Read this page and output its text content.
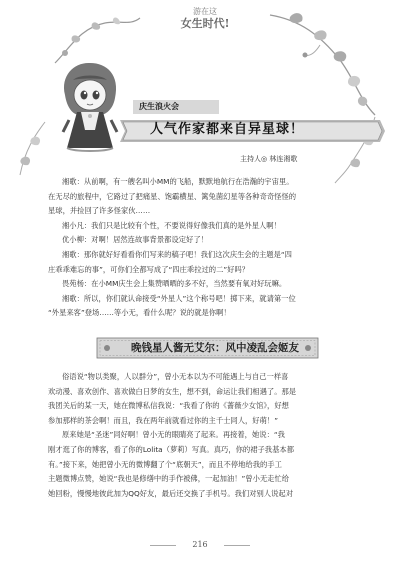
游在这
女生时代!
庆生浪火会
人气作家都来自异星球！
主持人◎ 林连湘歌
湘歌：从前啊，有一艘名叫小MM的飞船，默默地航行在浩瀚的宇宙里。
在无尽的旅程中，它路过了把痛星、饱霸横星、篱兔菌幻星等各种奇奇怪怪的
星球，并捡回了许多怪家伙……
湘小凡：我们只是比较有个性，不要说得好像我们真的是外星人啊！
优小柳：对啊！居然连故事背景都设定好了！
湘歌：那你就好好看看你们写来的稿子吧！我们这次庆生会的主题是“四
庄乖乖难忘的事”，可你们全都写成了“四庄乖拉过的二”好吗？
畏苑杨：在小MM庆生会上集赞晒晒的多不好，当然要有氧对好玩嘛。
湘歌：所以，你们就认命接受“外星人”这个称号吧！掷下来，就请第一位
“外星来客”登场……等小无，看什么呢？说的就是你啊！
晚钱星人酱无艾尔：风中凌乱会姬友
俗语说“物以类聚，人以群分”，曾小无本以为不可能遇上与自己一样喜
欢动漫、喜欢创作、喜欢做白日梦的女生，想不到，命运让我们相遇了。那是
我团关后的某一天，她在微博私信我说：“我看了你的《蔷薇少女馆》，好想
参加那样的茶会啊！而且，我在两年前就看过你的主千士同人，好萌！”
原来她是“圣迷”同好啊！曾小无的眼睛亮了起来。再接着，她说：“我
刚才逛了你的博客，看了你的Lolita（萝莉）写真。真巧，你的裙子我基本都
有。”接下来，她把曾小无的微博翻了个“底朝天”，而且不停地给我的手工
主题微博点赞，她说“我也是修缮中的手作被佛，一起加油！”曾小无走忙给
她回粉，慢慢地彼此加为QQ好友，最后还交换了手机号。我们对别人说起对
216
